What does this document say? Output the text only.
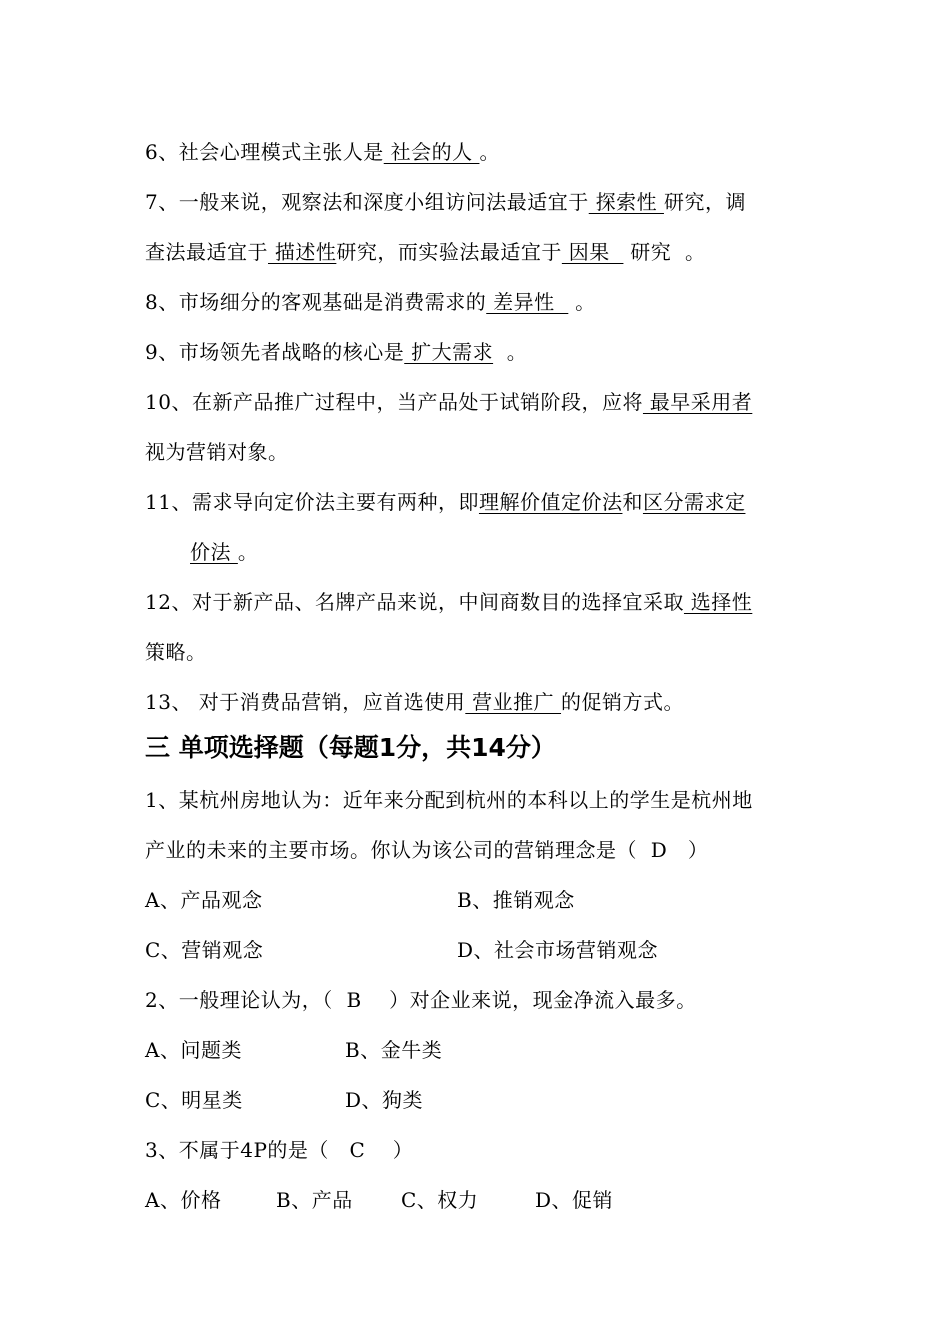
6、社会心理模式主张人是 社会的人 。
7、一般来说，观察法和深度小组访问法最适宜于 探索性 研究，调
查法最适宜于 描述性研究，而实验法最适宜于 因果   研究  。
8、市场细分的客观基础是消费需求的 差异性   。
9、市场领先者战略的核心是 扩大需求  。
10、在新产品推广过程中，当产品处于试销阶段，应将 最早采用者
视为营销对象。
11、需求导向定价法主要有两种，即理解价值定价法和区分需求定
价法 。
12、对于新产品、名牌产品来说，中间商数目的选择宜采取 选择性
策略。
13、 对于消费品营销，应首选使用 营业推广 的促销方式。
三 单项选择题（每题1分，共14分）
1、某杭州房地认为：近年来分配到杭州的本科以上的学生是杭州地
产业的未来的主要市场。你认为该公司的营销理念是（  D   ）
A、产品观念	B、推销观念
C、营销观念	D、社会市场营销观念
2、一般理论认为，（  B    ）对企业来说，现金净流入最多。
A、问题类	B、金牛类
C、明星类	D、狗类
3、不属于4P的是（   C    ）
A、价格	B、产品 C、权力	D、促销
